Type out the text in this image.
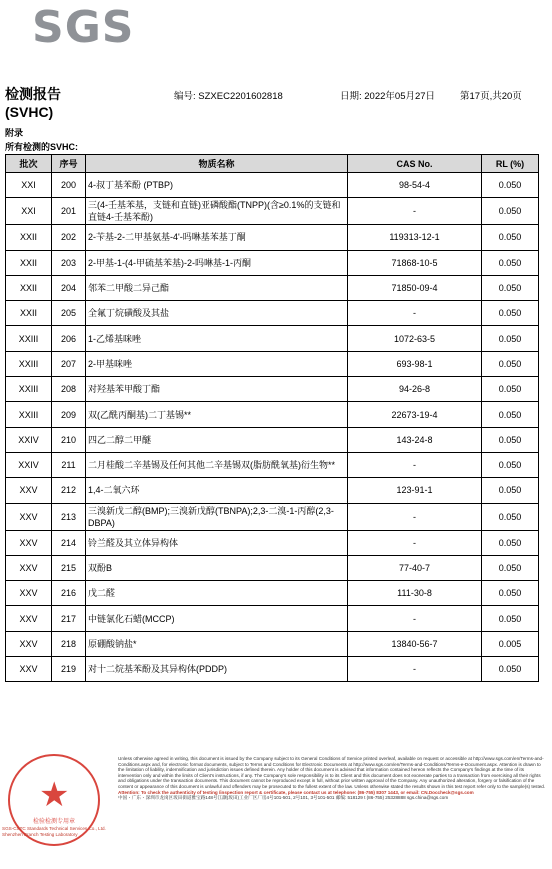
SGS
检测报告
(SVHC)
编号: SZXEC2201602818	日期: 2022年05月27日	第17页,共20页
附录
所有检测的SVHC:
批次	序号	物质名称	CAS No.	RL (%)
XXI	200	4-叔丁基苯酚 (PTBP)	98-54-4	0.050
XXI	201	三(4-壬基苯基，支链和直链)亚磷酸酯(TNPP)(含≥0.1%的支链和直链4-壬基苯酚)	-	0.050
XXII	202	2-苄基-2-二甲基氨基-4'-吗啉基苯基丁酮	119313-12-1	0.050
XXII	203	2-甲基-1-(4-甲硫基苯基)-2-吗啉基-1-丙酮	71868-10-5	0.050
XXII	204	邻苯二甲酸二异己酯	71850-09-4	0.050
XXII	205	全氟丁烷磺酸及其盐	-	0.050
XXIII	206	1-乙烯基咪唑	1072-63-5	0.050
XXIII	207	2-甲基咪唑	693-98-1	0.050
XXIII	208	对羟基苯甲酸丁酯	94-26-8	0.050
XXIII	209	双(乙酰丙酮基)二丁基锡**	22673-19-4	0.050
XXIV	210	四乙二醇二甲醚	143-24-8	0.050
XXIV	211	二月桂酸二辛基锡及任何其他二辛基锡双(脂肪酰氧基)衍生物**	-	0.050
XXV	212	1,4-二氧六环	123-91-1	0.050
XXV	213	三溴新戊二醇(BMP);三溴新戊醇(TBNPA);2,3-二溴-1-丙醇(2,3-DBPA)	-	0.050
XXV	214	铃兰醛及其立体异构体	-	0.050
XXV	215	双酚B	77-40-7	0.050
XXV	216	戊二醛	111-30-8	0.050
XXV	217	中链氯化石蜡(MCCP)	-	0.050
XXV	218	原硼酸钠盐*	13840-56-7	0.005
XXV	219	对十二烷基苯酚及其异构体(PDDP)	-	0.050
★
检验检测专用章
SGS-CSTC Standards Technical Services Co., Ltd. Shenzhen Branch Testing Laboratory
Unless otherwise agreed in writing, this document is issued by the Company subject to its General Conditions of Service printed overleaf, available on request or accessible at http://www.sgs.com/en/Terms-and-Conditions.aspx and, for electronic format documents, subject to Terms and Conditions for Electronic Documents at http://www.sgs.com/en/Terms-and-Conditions/Terms-e-Document.aspx. Attention is drawn to the limitation of liability, indemnification and jurisdiction issues defined therein. Any holder of this document is advised that information contained hereon reflects the Company's findings at the time of its intervention only and within the limits of Client's instructions, if any. The Company's sole responsibility is to its Client and this document does not exonerate parties to a transaction from exercising all their rights and obligations under the transaction documents. This document cannot be reproduced except in full, without prior written approval of the Company. Any unauthorized alteration, forgery or falsification of the content or appearance of this document is unlawful and offenders may be prosecuted to the fullest extent of the law. Unless otherwise stated the results shown in this test report refer only to the sample(s) tested.
Attention: To check the authenticity of testing /inspection report & certificate, please contact us at telephone: (86-755) 8307 1443, or email: CN.Doccheck@sgs.com
中国・广东・深圳市龙岗区坂田街道雅宝路148号江灏(坂田)工业厂区厂房4号101-501, 2号101, 3号101-501 邮编: 518129 t (86-755) 25328888 sgs.china@sgs.com
